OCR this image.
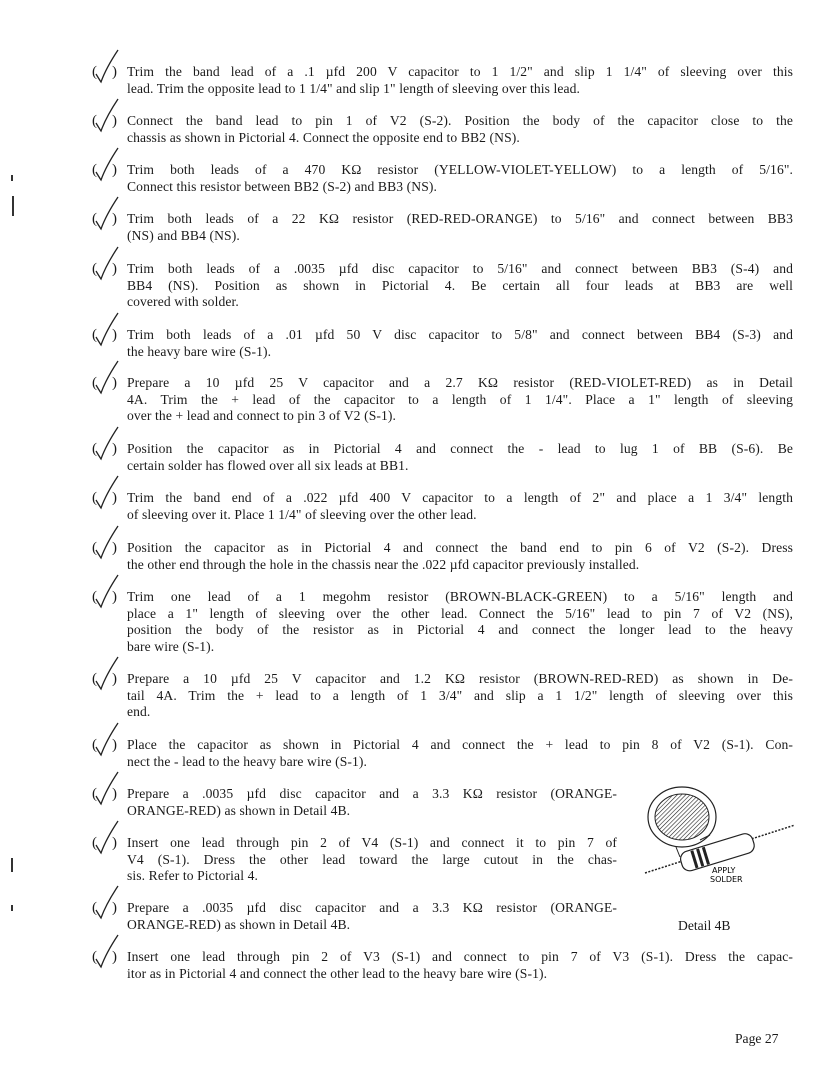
( ) Trim the band lead of a .1 µfd 200 V capacitor to 1 1/2" and slip 1 1/4" of sleeving over this
lead. Trim the opposite lead to 1 1/4" and slip 1" length of sleeving over this lead.
( ) Connect the band lead to pin 1 of V2 (S-2). Position the body of the capacitor close to the
chassis as shown in Pictorial 4. Connect the opposite end to BB2 (NS).
( ) Trim both leads of a 470 KΩ resistor (YELLOW-VIOLET-YELLOW) to a length of 5/16".
Connect this resistor between BB2 (S-2) and BB3 (NS).
( ) Trim both leads of a 22 KΩ resistor (RED-RED-ORANGE) to 5/16" and connect between BB3
(NS) and BB4 (NS).
( ) Trim both leads of a .0035 µfd disc capacitor to 5/16" and connect between BB3 (S-4) and
BB4 (NS). Position as shown in Pictorial 4. Be certain all four leads at BB3 are well
covered with solder.
( ) Trim both leads of a .01 µfd 50 V disc capacitor to 5/8" and connect between BB4 (S-3) and
the heavy bare wire (S-1).
( ) Prepare a 10 µfd 25 V capacitor and a 2.7 KΩ resistor (RED-VIOLET-RED) as in Detail
4A. Trim the + lead of the capacitor to a length of 1 1/4". Place a 1" length of sleeving
over the + lead and connect to pin 3 of V2 (S-1).
( ) Position the capacitor as in Pictorial 4 and connect the - lead to lug 1 of BB (S-6). Be
certain solder has flowed over all six leads at BB1.
( ) Trim the band end of a .022 µfd 400 V capacitor to a length of 2" and place a 1 3/4" length
of sleeving over it. Place 1 1/4" of sleeving over the other lead.
( ) Position the capacitor as in Pictorial 4 and connect the band end to pin 6 of V2 (S-2). Dress
the other end through the hole in the chassis near the .022 µfd capacitor previously installed.
( ) Trim one lead of a 1 megohm resistor (BROWN-BLACK-GREEN) to a 5/16" length and
place a 1" length of sleeving over the other lead. Connect the 5/16" lead to pin 7 of V2 (NS),
position the body of the resistor as in Pictorial 4 and connect the longer lead to the heavy
bare wire (S-1).
( ) Prepare a 10 µfd 25 V capacitor and 1.2 KΩ resistor (BROWN-RED-RED) as shown in De-
tail 4A. Trim the + lead to a length of 1 3/4" and slip a 1 1/2" length of sleeving over this
end.
( ) Place the capacitor as shown in Pictorial 4 and connect the + lead to pin 8 of V2 (S-1). Con-
nect the - lead to the heavy bare wire (S-1).
( ) Prepare a .0035 µfd disc capacitor and a 3.3 KΩ resistor (ORANGE-
ORANGE-RED) as shown in Detail 4B.
( ) Insert one lead through pin 2 of V4 (S-1) and connect it to pin 7 of
V4 (S-1). Dress the other lead toward the large cutout in the chas-
sis. Refer to Pictorial 4.
( ) Prepare a .0035 µfd disc capacitor and a 3.3 KΩ resistor (ORANGE-
ORANGE-RED) as shown in Detail 4B.
( ) Insert one lead through pin 2 of V3 (S-1) and connect to pin 7 of V3 (S-1). Dress the capac-
itor as in Pictorial 4 and connect the other lead to the heavy bare wire (S-1).
APPLY
SOLDER
Detail 4B
Page 27
